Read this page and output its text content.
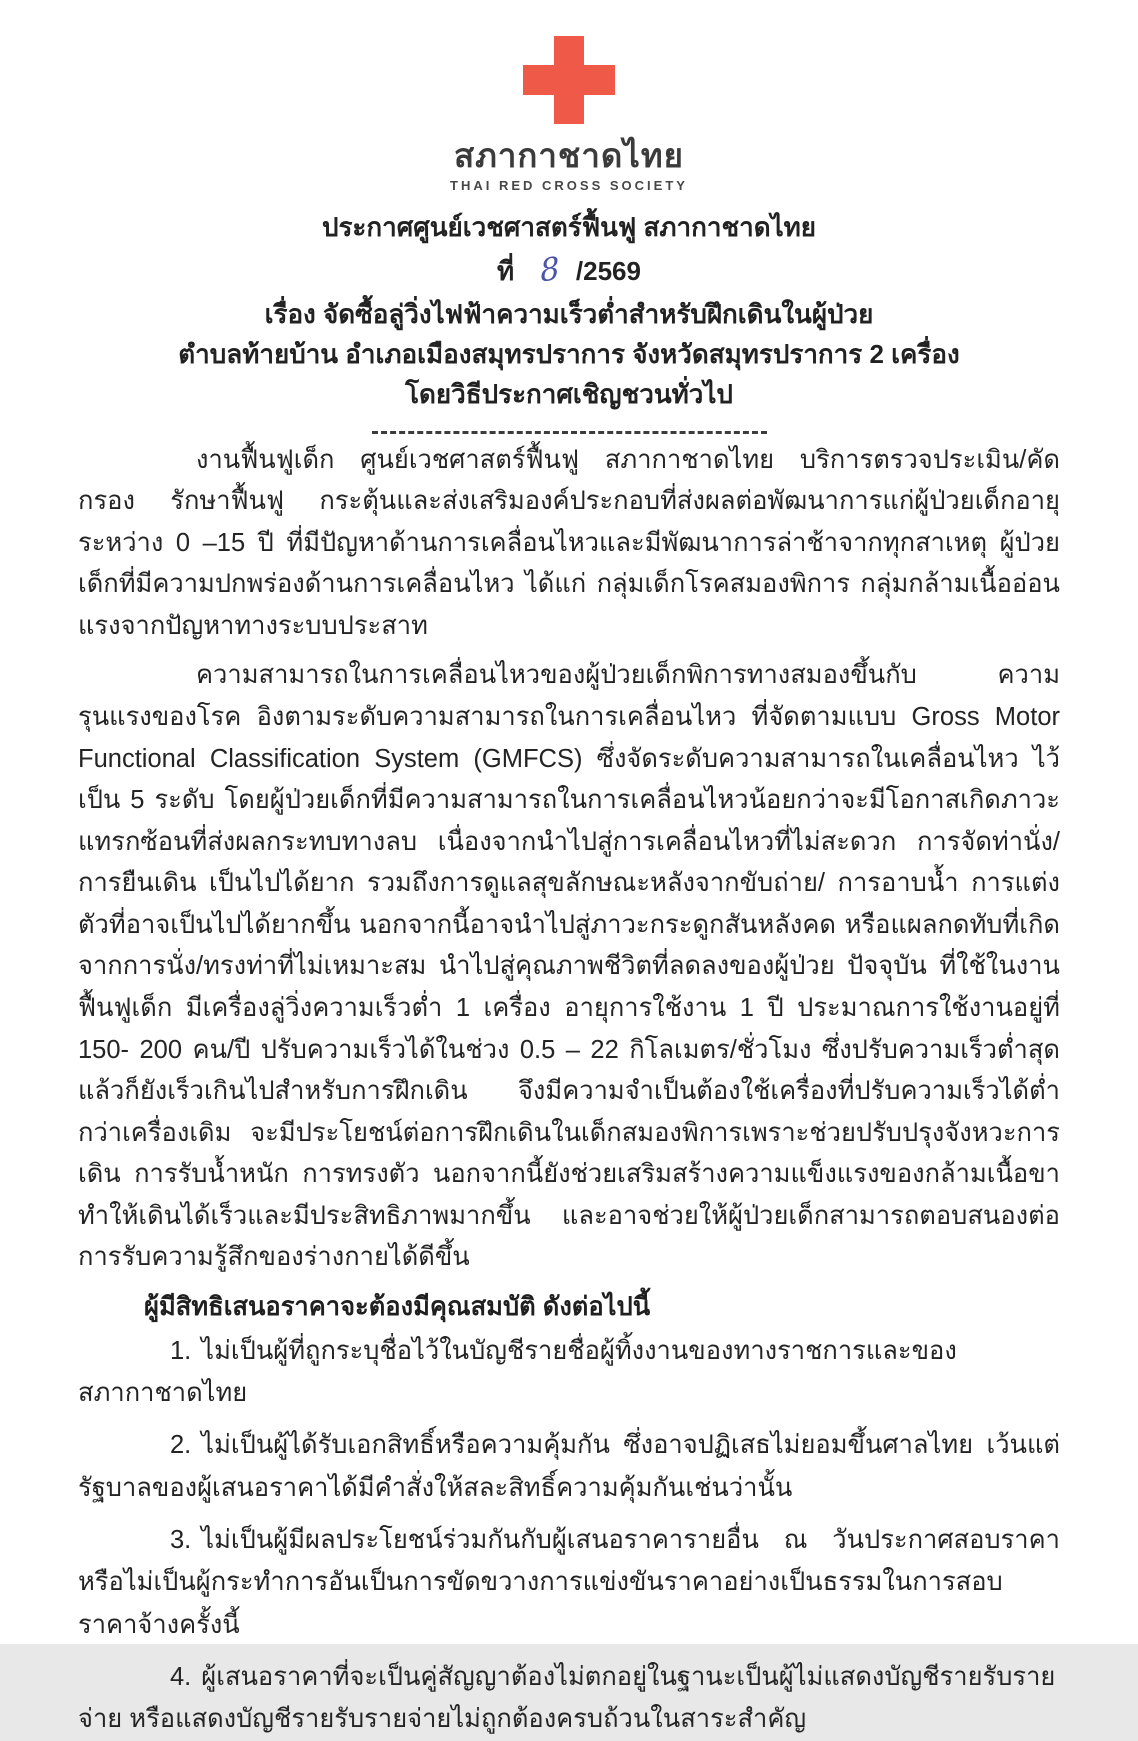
สภากาชาดไทย
THAI RED CROSS SOCIETY
ประกาศศูนย์เวชศาสตร์ฟื้นฟู สภากาชาดไทย
ที่ 8 /2569
เรื่อง จัดซื้อลู่วิ่งไฟฟ้าความเร็วต่ำสำหรับฝึกเดินในผู้ป่วย
ตำบลท้ายบ้าน อำเภอเมืองสมุทรปราการ จังหวัดสมุทรปราการ 2 เครื่อง
โดยวิธีประกาศเชิญชวนทั่วไป

งานฟื้นฟูเด็ก ศูนย์เวชศาสตร์ฟื้นฟู สภากาชาดไทย บริการตรวจประเมิน/คัดกรอง รักษาฟื้นฟู กระตุ้นและส่งเสริมองค์ประกอบที่ส่งผลต่อพัฒนาการแก่ผู้ป่วยเด็กอายุระหว่าง 0 –15 ปี ที่มีปัญหาด้านการเคลื่อนไหวและมีพัฒนาการล่าช้าจากทุกสาเหตุ ผู้ป่วยเด็กที่มีความปกพร่องด้านการเคลื่อนไหว ได้แก่ กลุ่มเด็กโรคสมองพิการ กลุ่มกล้ามเนื้ออ่อนแรงจากปัญหาทางระบบประสาท

ความสามารถในการเคลื่อนไหวของผู้ป่วยเด็กพิการทางสมองขึ้นกับ ความรุนแรงของโรค อิงตามระดับความสามารถในการเคลื่อนไหว ที่จัดตามแบบ Gross Motor Functional Classification System (GMFCS) ซึ่งจัดระดับความสามารถในเคลื่อนไหว ไว้เป็น 5 ระดับ โดยผู้ป่วยเด็กที่มีความสามารถในการเคลื่อนไหวน้อยกว่าจะมีโอกาสเกิดภาวะแทรกซ้อนที่ส่งผลกระทบทางลบ เนื่องจากนำไปสู่การเคลื่อนไหวที่ไม่สะดวก การจัดท่านั่ง/ การยืนเดิน เป็นไปได้ยาก รวมถึงการดูแลสุขลักษณะหลังจากขับถ่าย/ การอาบน้ำ การแต่งตัวที่อาจเป็นไปได้ยากขึ้น นอกจากนี้อาจนำไปสู่ภาวะกระดูกสันหลังคด หรือแผลกดทับที่เกิดจากการนั่ง/ทรงท่าที่ไม่เหมาะสม นำไปสู่คุณภาพชีวิตที่ลดลงของผู้ป่วย ปัจจุบัน ที่ใช้ในงานฟื้นฟูเด็ก มีเครื่องลู่วิ่งความเร็วต่ำ 1 เครื่อง อายุการใช้งาน 1 ปี ประมาณการใช้งานอยู่ที่ 150- 200 คน/ปี ปรับความเร็วได้ในช่วง 0.5 – 22 กิโลเมตร/ชั่วโมง ซึ่งปรับความเร็วต่ำสุดแล้วก็ยังเร็วเกินไปสำหรับการฝึกเดิน จึงมีความจำเป็นต้องใช้เครื่องที่ปรับความเร็วได้ต่ำกว่าเครื่องเดิม จะมีประโยชน์ต่อการฝึกเดินในเด็กสมองพิการเพราะช่วยปรับปรุงจังหวะการเดิน การรับน้ำหนัก การทรงตัว นอกจากนี้ยังช่วยเสริมสร้างความแข็งแรงของกล้ามเนื้อขา ทำให้เดินได้เร็วและมีประสิทธิภาพมากขึ้น และอาจช่วยให้ผู้ป่วยเด็กสามารถตอบสนองต่อการรับความรู้สึกของร่างกายได้ดีขึ้น

ผู้มีสิทธิเสนอราคาจะต้องมีคุณสมบัติ ดังต่อไปนี้

1. ไม่เป็นผู้ที่ถูกระบุชื่อไว้ในบัญชีรายชื่อผู้ทิ้งงานของทางราชการและของสภากาชาดไทย

2. ไม่เป็นผู้ได้รับเอกสิทธิ์หรือความคุ้มกัน ซึ่งอาจปฏิเสธไม่ยอมขึ้นศาลไทย เว้นแต่รัฐบาลของผู้เสนอราคาได้มีคำสั่งให้สละสิทธิ์ความคุ้มกันเช่นว่านั้น

3. ไม่เป็นผู้มีผลประโยชน์ร่วมกันกับผู้เสนอราคารายอื่น ณ วันประกาศสอบราคา หรือไม่เป็นผู้กระทำการอันเป็นการขัดขวางการแข่งขันราคาอย่างเป็นธรรมในการสอบราคาจ้างครั้งนี้

4. ผู้เสนอราคาที่จะเป็นคู่สัญญาต้องไม่ตกอยู่ในฐานะเป็นผู้ไม่แสดงบัญชีรายรับรายจ่าย หรือแสดงบัญชีรายรับรายจ่ายไม่ถูกต้องครบถ้วนในสาระสำคัญ
